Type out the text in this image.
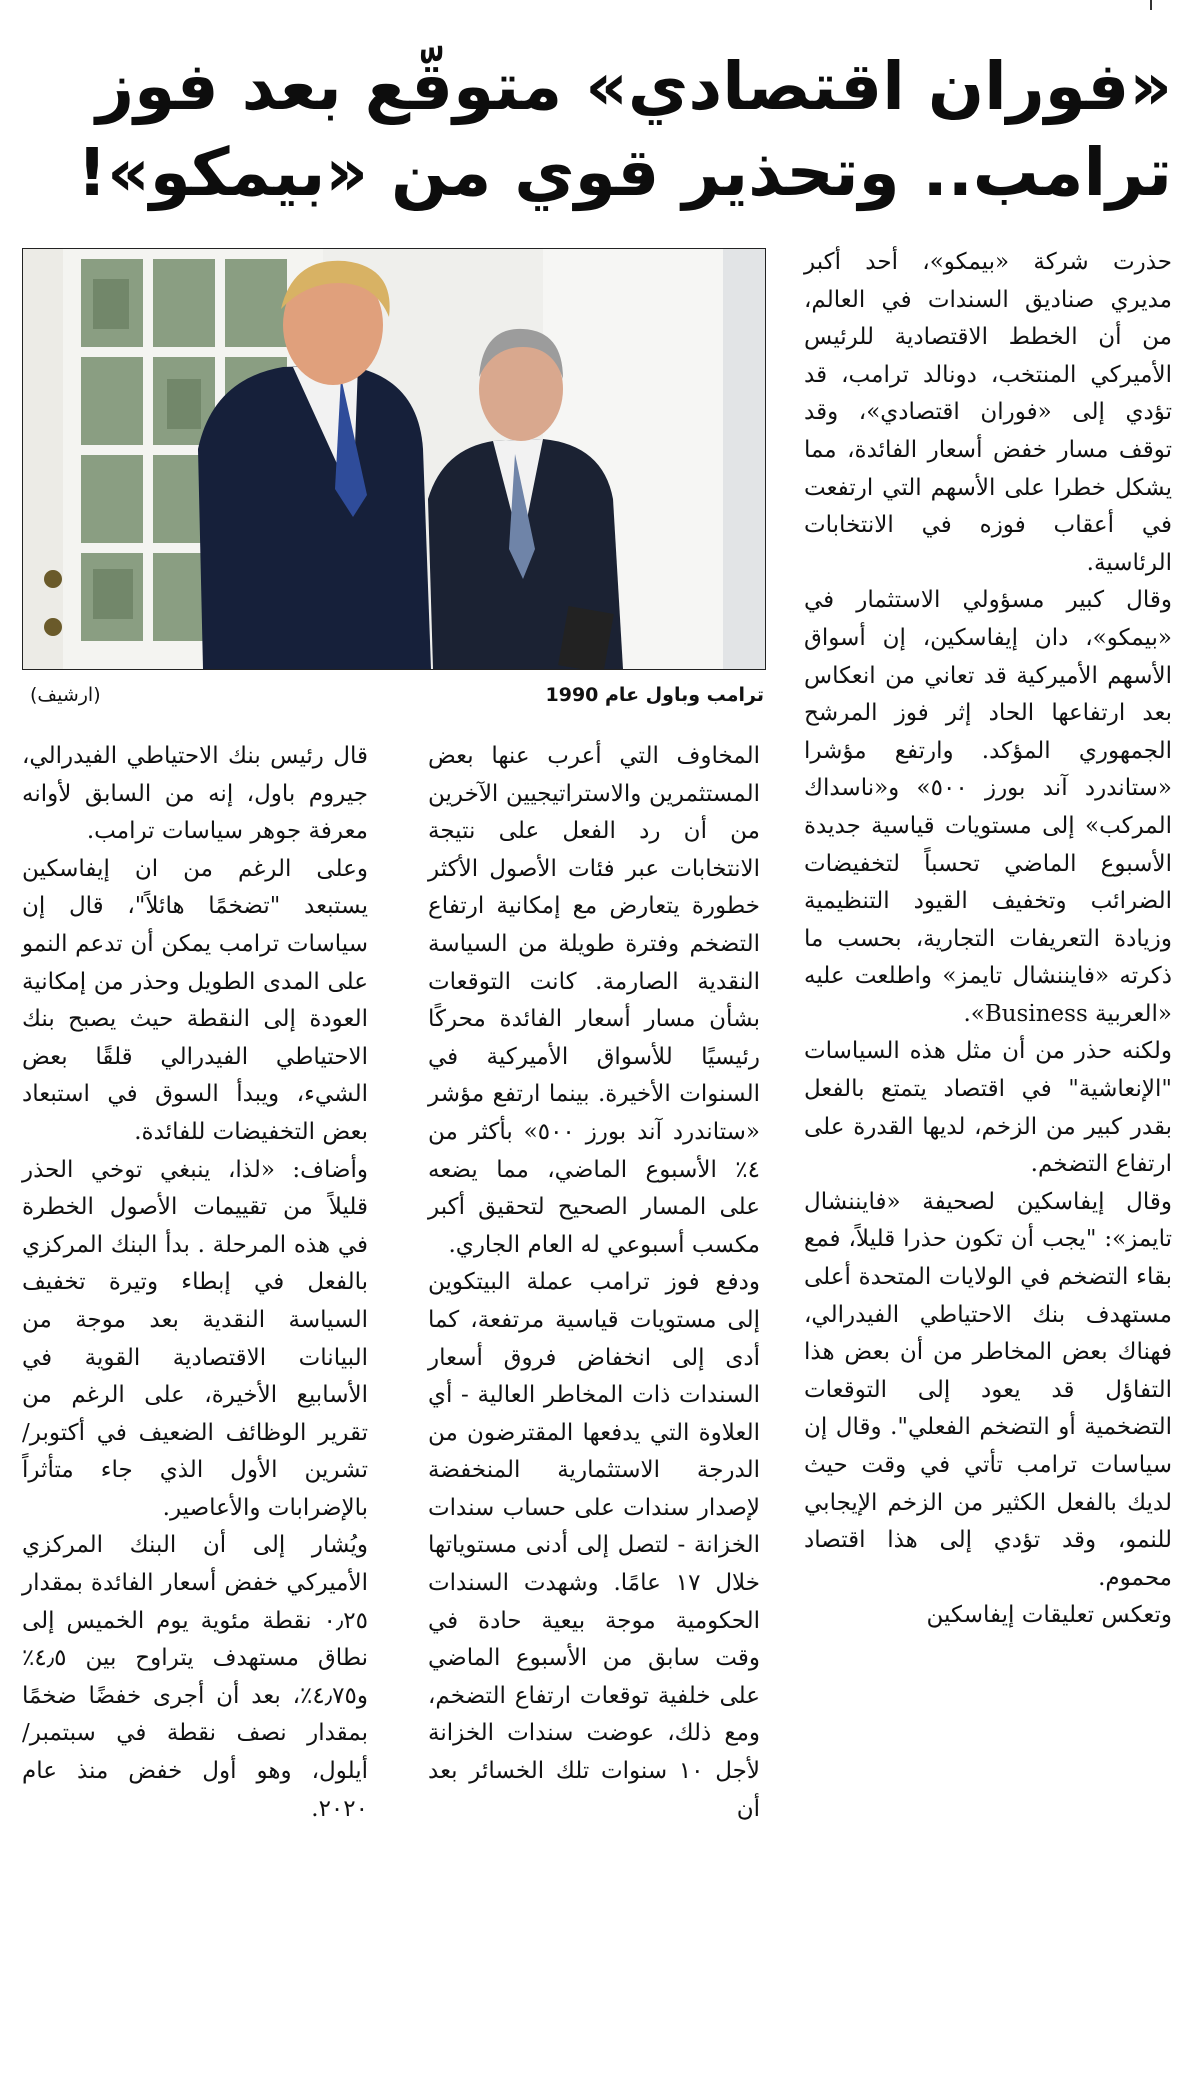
«فوران اقتصادي» متوقّع بعد فوز ترامب.. وتحذير قوي من «بيمكو»!
ترامب وباول عام 1990
(ارشيف)

حذرت شركة «بيمكو»، أحد أكبر مديري صناديق السندات في العالم، من أن الخطط الاقتصادية للرئيس الأميركي المنتخب، دونالد ترامب، قد تؤدي إلى «فوران اقتصادي»، وقد توقف مسار خفض أسعار الفائدة، مما يشكل خطرا على الأسهم التي ارتفعت في أعقاب فوزه في الانتخابات الرئاسية.

وقال كبير مسؤولي الاستثمار في «بيمكو»، دان إيفاسكين، إن أسواق الأسهم الأميركية قد تعاني من انعكاس بعد ارتفاعها الحاد إثر فوز المرشح الجمهوري المؤكد. وارتفع مؤشرا «ستاندرد آند بورز ٥٠٠» و«ناسداك المركب» إلى مستويات قياسية جديدة الأسبوع الماضي تحسباً لتخفيضات الضرائب وتخفيف القيود التنظيمية وزيادة التعريفات التجارية، بحسب ما ذكرته «فايننشال تايمز» واطلعت عليه «العربية Business».

ولكنه حذر من أن مثل هذه السياسات "الإنعاشية" في اقتصاد يتمتع بالفعل بقدر كبير من الزخم، لديها القدرة على ارتفاع التضخم.

وقال إيفاسكين لصحيفة «فايننشال تايمز»: "يجب أن تكون حذرا قليلاً، فمع بقاء التضخم في الولايات المتحدة أعلى مستهدف بنك الاحتياطي الفيدرالي، فهناك بعض المخاطر من أن بعض هذا التفاؤل قد يعود إلى التوقعات التضخمية أو التضخم الفعلي". وقال إن سياسات ترامب تأتي في وقت حيث لديك بالفعل الكثير من الزخم الإيجابي للنمو، وقد تؤدي إلى هذا اقتصاد محموم.

وتعكس تعليقات إيفاسكين

المخاوف التي أعرب عنها بعض المستثمرين والاستراتيجيين الآخرين من أن رد الفعل على نتيجة الانتخابات عبر فئات الأصول الأكثر خطورة يتعارض مع إمكانية ارتفاع التضخم وفترة طويلة من السياسة النقدية الصارمة. كانت التوقعات بشأن مسار أسعار الفائدة محركًا رئيسيًا للأسواق الأميركية في السنوات الأخيرة. بينما ارتفع مؤشر «ستاندرد آند بورز ٥٠٠» بأكثر من ٤٪ الأسبوع الماضي، مما يضعه على المسار الصحيح لتحقيق أكبر مكسب أسبوعي له العام الجاري.

ودفع فوز ترامب عملة البيتكوين إلى مستويات قياسية مرتفعة، كما أدى إلى انخفاض فروق أسعار السندات ذات المخاطر العالية - أي العلاوة التي يدفعها المقترضون من الدرجة الاستثمارية المنخفضة لإصدار سندات على حساب سندات الخزانة - لتصل إلى أدنى مستوياتها خلال ١٧ عامًا. وشهدت السندات الحكومية موجة بيعية حادة في وقت سابق من الأسبوع الماضي على خلفية توقعات ارتفاع التضخم، ومع ذلك، عوضت سندات الخزانة لأجل ١٠ سنوات تلك الخسائر بعد أن

قال رئيس بنك الاحتياطي الفيدرالي، جيروم باول، إنه من السابق لأوانه معرفة جوهر سياسات ترامب.

وعلى الرغم من ان إيفاسكين يستبعد "تضخمًا هائلاً"، قال إن سياسات ترامب يمكن أن تدعم النمو على المدى الطويل وحذر من إمكانية العودة إلى النقطة حيث يصبح بنك الاحتياطي الفيدرالي قلقًا بعض الشيء، ويبدأ السوق في استبعاد بعض التخفيضات للفائدة.

وأضاف: «لذا، ينبغي توخي الحذر قليلاً من تقييمات الأصول الخطرة في هذه المرحلة . بدأ البنك المركزي بالفعل في إبطاء وتيرة تخفيف السياسة النقدية بعد موجة من البيانات الاقتصادية القوية في الأسابيع الأخيرة، على الرغم من تقرير الوظائف الضعيف في أكتوبر/ تشرين الأول الذي جاء متأثراً بالإضرابات والأعاصير.

ويُشار إلى أن البنك المركزي الأميركي خفض أسعار الفائدة بمقدار ٠٫٢٥ نقطة مئوية يوم الخميس إلى نطاق مستهدف يتراوح بين ٤٫٥٪ و٤٫٧٥٪، بعد أن أجرى خفضًا ضخمًا بمقدار نصف نقطة في سبتمبر/أيلول، وهو أول خفض منذ عام ٢٠٢٠.
